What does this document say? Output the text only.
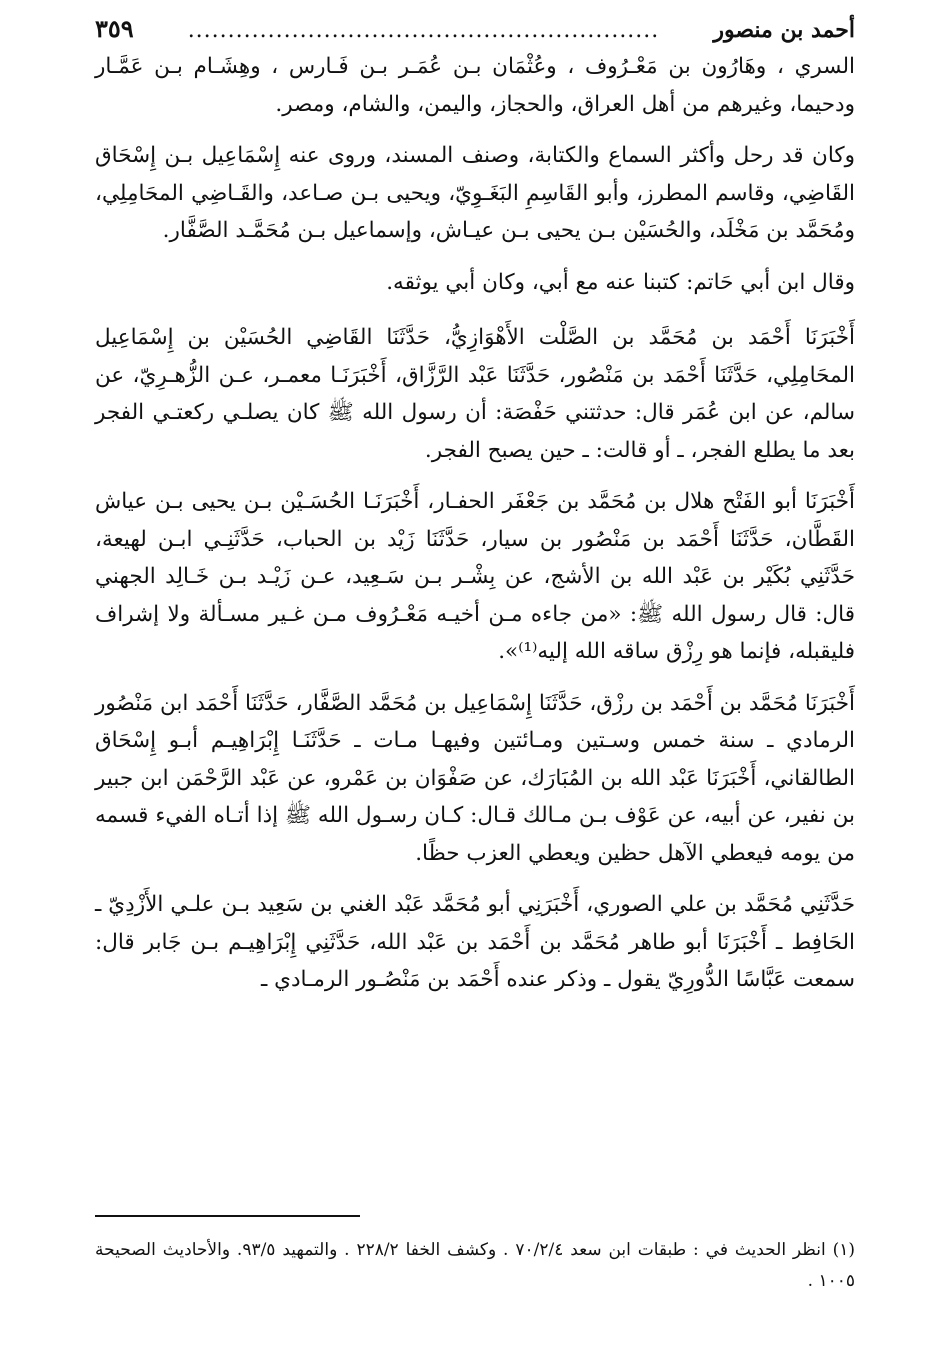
أحمد بن منصور
...........................................................
٣٥٩

السري ، وهَارُون بن مَعْـرُوف ، وعُثْمَان بـن عُمَـر بـن فَـارس ، وهِشَـام بـن عَمَّـار ودحيما، وغيرهم من أهل العراق، والحجاز، واليمن، والشام، ومصر.

وكان قد رحل وأكثر السماع والكتابة، وصنف المسند، وروى عنه إِسْمَاعِيل بـن إِسْحَاق القَاضِي، وقاسم المطرز، وأبو القَاسِمِ البَغَـوِيّ، ويحيى بـن صـاعد، والقَـاضِي المحَامِلِي، ومُحَمَّد بن مَخْلَد، والحُسَيْن بـن يحيى بـن عيـاش، وإسماعيل بـن مُحَمَّـد الصَّفَّار.

وقال ابن أبي حَاتم: كتبنا عنه مع أبي، وكان أبي يوثقه.

أَخْبَرَنَا أَحْمَد بن مُحَمَّد بن الصَّلْت الأَهْوَازِيُّ، حَدَّثَنَا القَاضِي الحُسَيْن بن إِسْمَاعِيل المحَامِلِي، حَدَّثَنَا أَحْمَد بن مَنْصُور، حَدَّثَنَا عَبْد الرَّزَّاق، أَخْبَرَنَـا معمـر، عـن الزُّهـرِيّ، عن سالم، عن ابن عُمَر قال: حدثتني حَفْصَة: أن رسول الله ﷺ كان يصلـي ركعتـي الفجر بعد ما يطلع الفجر، ـ أو قالت: ـ حين يصبح الفجر.

أَخْبَرَنَا أبو الفَتْح هلال بن مُحَمَّد بن جَعْفَر الحفـار، أَخْبَرَنَـا الحُسَـيْن بـن يحيى بـن عياش القَطَّان، حَدَّثَنَا أَحْمَد بن مَنْصُور بن سيار، حَدَّثَنَا زَيْد بن الحباب، حَدَّثَنِـي ابـن لهيعة، حَدَّثَنِي بُكَيْر بن عَبْد الله بن الأشج، عن بِشْـر بـن سَـعِيد، عـن زَيْـد بـن خَـالِد الجهني قال: قال رسول الله ﷺ: «من جاءه مـن أخيـه مَعْـرُوف مـن غـير مسـألة ولا إشراف فليقبله، فإنما هو رِزْق ساقه الله إليه⁽¹⁾».

أَخْبَرَنَا مُحَمَّد بن أَحْمَد بن رزْق، حَدَّثَنَا إِسْمَاعِيل بن مُحَمَّد الصَّفَّار، حَدَّثَنَا أَحْمَد ابن مَنْصُور الرمادي ـ سنة خمس وسـتين ومـائتين وفيهـا مـات ـ حَدَّثَنَـا إِبْرَاهِيـم أبـو إِسْحَاق الطالقاني، أَخْبَرَنَا عَبْد الله بن المُبَارَك، عن صَفْوَان بن عَمْرو، عن عَبْد الرَّحْمَن ابن جبير بن نفير، عن أبيه، عن عَوْف بـن مـالك قـال: كـان رسـول الله ﷺ إذا أتـاه الفيء قسمه من يومه فيعطي الآهل حظين ويعطي العزب حظًا.

حَدَّثَنِي مُحَمَّد بن علي الصوري، أَخْبَرَنِي أبو مُحَمَّد عَبْد الغني بن سَعِيد بـن علـي الأَزْدِيّ ـ الحَافِط ـ أَخْبَرَنَا أبو طاهر مُحَمَّد بن أَحْمَد بن عَبْد الله، حَدَّثَنِي إِبْرَاهِيـم بـن جَابر قال: سمعت عَبَّاسًا الدُّورِيّ يقول ـ وذكر عنده أَحْمَد بن مَنْصُـور الرمـادي ـ

(١) انظر الحديث في : طبقات ابن سعد ٧٠/٢/٤ . وكشف الخفا ٢٢٨/٢ . والتمهيد ٩٣/٥. والأحاديث الصحيحة ١٠٠٥ .
